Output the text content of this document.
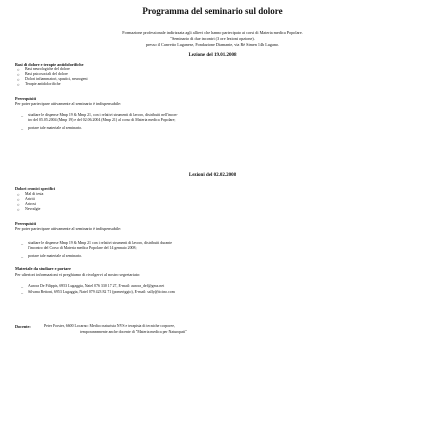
Programma del seminario sul dolore
Formazione professionale indirizzata agli allievi che hanno partecipato ai corsi di Materia medica Popolare.
"Seminario di due incontri (3 ore lezioni opzione).
presso il Canvetto Luganese, Fondazione Diamante, via Rè Simen 14b Lugano.
Lezione del 19.01.2008
Basi di dolore e terapie antidolorifiche
○ Basi neurologiche del dolore
○ Basi psicosociali del dolore
○ Dolori infiammatori, spastici, neurogeni
○ Terapie antidolorifiche
Prerequisiti
Per poter partecipare attivamente al seminario è indispensabile:
– studiare le dispense Mmp 19 & Mmp 21, con i relativi strumenti di lavoro, distribuiti nell'incon-
tro del 05.05.2004 (Mmp 19) e del 02.06.2004 (Mmp 21) al corso di Materia medica Popolare;
– portare tale materiale al seminario.
Lezioni del 02.02.2008
Dolori cronici specifici
○ Mal di testa
○ Artriti
○ Artrosi
○ Nevralgie
Prerequisiti
Per poter partecipare attivamente al seminario è indispensabile:
– studiare le dispense Mmp 19 & Mmp 21 con i relativi strumenti di lavoro, distribuiti durante
l'incontro del Corso di Materia medica Popolare del 14 gennaio 2008;
– portare tale materiale al seminario.
Materiale da studiare e portare
Per ulteriori informazioni vi preghiamo di rivolgervi al nostro segretariato:
– Aurora De Filippis, 6953 Lugaggia, Natel 076 330 17 27, E-mail: aurora_def@gmx.net
– Silvana Bettoni, 6953 Lugaggia, Natel 079 423 82 71 (pomeriggio), E-mail: sally@ticino.com
Docente:	Peter Forster, 6600 Locarno: Medico naturista NVS e terapista di tecniche corporee,
temporaneamente anche docente di "Materia medica per Naturopati"
